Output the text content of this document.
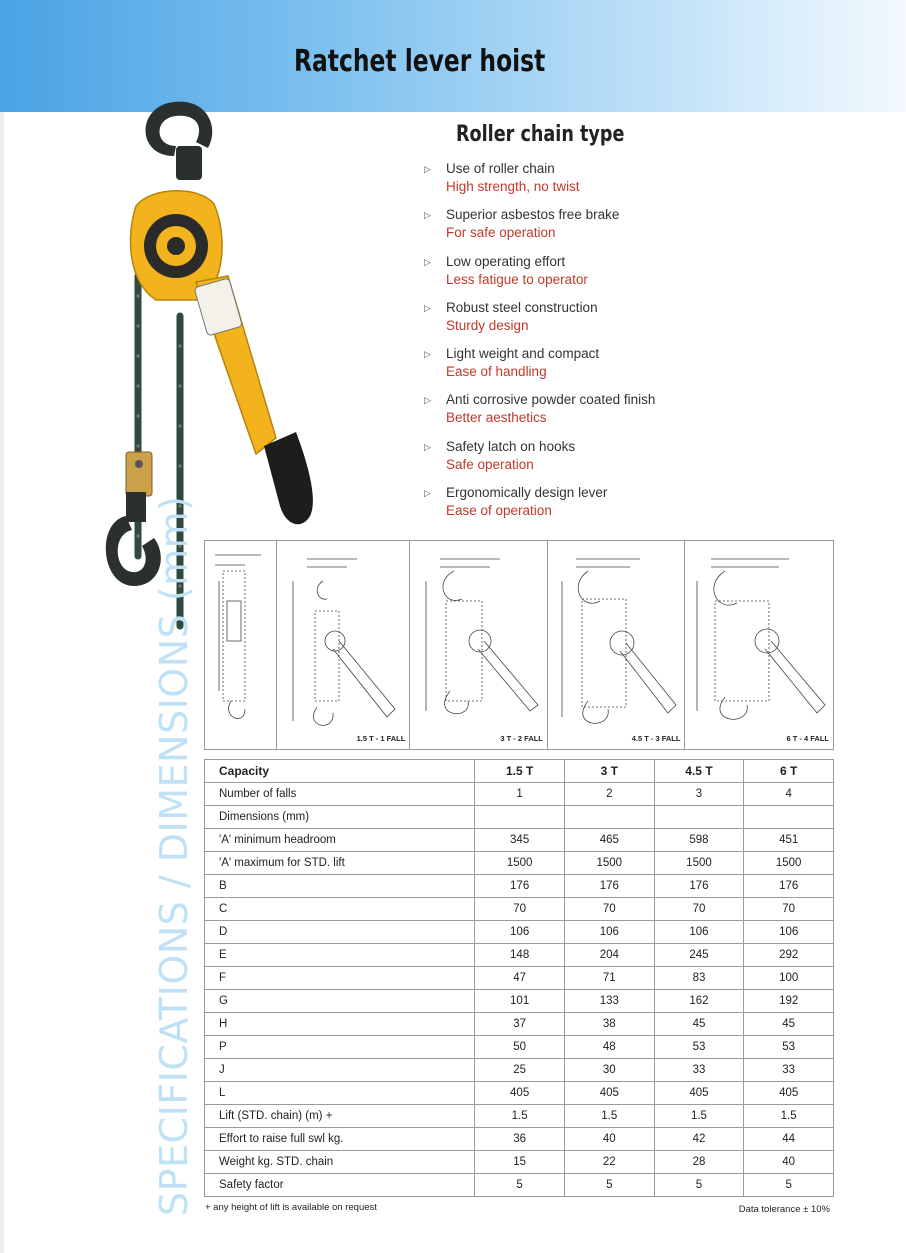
Ratchet lever hoist
Roller chain type
▷ Use of roller chain
High strength, no twist
▷ Superior asbestos free brake
For safe operation
▷ Low operating effort
Less fatigue to operator
▷ Robust steel construction
Sturdy design
▷ Light weight and compact
Ease of handling
▷ Anti corrosive powder coated finish
Better aesthetics
▷ Safety latch on hooks
Safe operation
▷ Ergonomically design lever
Ease of operation
1.5 T - 1 FALL	3 T - 2 FALL	4.5 T - 3 FALL	6 T - 4 FALL
SPECIFICATIONS / DIMENSIONS (mm) Capacity	1.5 T	3 T	4.5 T	6 T
Number of falls	1	2	3	4
Dimensions (mm)				
'A' minimum headroom	345	465	598	451
'A' maximum for STD. lift	1500	1500	1500	1500
B	176	176	176	176
C	70	70	70	70
D	106	106	106	106
E	148	204	245	292
F	47	71	83	100
G	101	133	162	192
H	37	38	45	45
P	50	48	53	53
J	25	30	33	33
L	405	405	405	405
Lift (STD. chain) (m) +	1.5	1.5	1.5	1.5
Effort to raise full swl kg.	36	40	42	44
Weight kg. STD. chain	15	22	28	40
Safety factor	5	5	5	5
+ any height of lift is available on request	Data tolerance ± 10%
